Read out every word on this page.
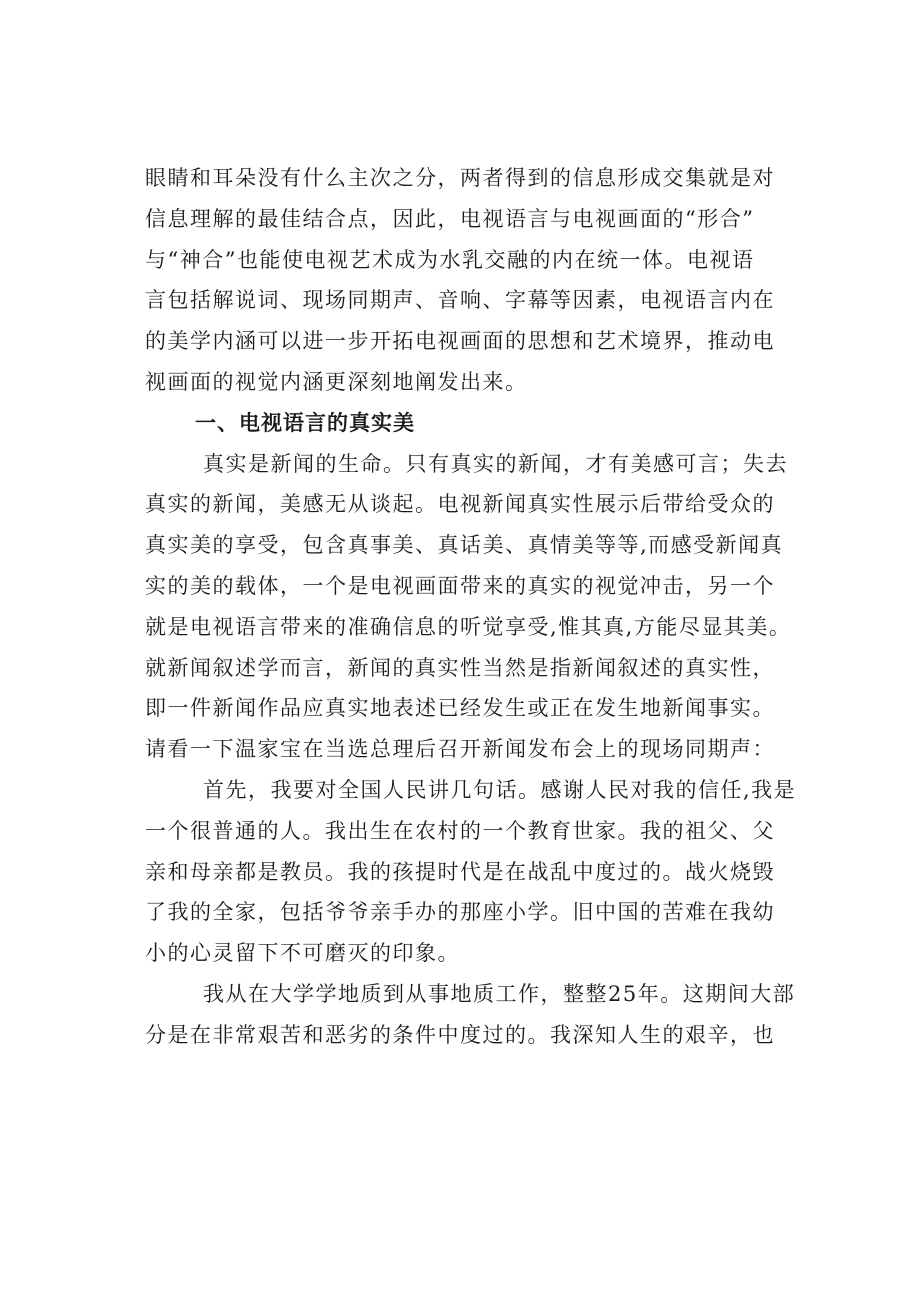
眼睛和耳朵没有什么主次之分，两者得到的信息形成交集就是对
信息理解的最佳结合点，因此，电视语言与电视画面的“形合”
与“神合”也能使电视艺术成为水乳交融的内在统一体。电视语
言包括解说词、现场同期声、音响、字幕等因素，电视语言内在
的美学内涵可以进一步开拓电视画面的思想和艺术境界，推动电
视画面的视觉内涵更深刻地阐发出来。
一、电视语言的真实美
真实是新闻的生命。只有真实的新闻，才有美感可言；失去
真实的新闻，美感无从谈起。电视新闻真实性展示后带给受众的
真实美的享受，包含真事美、真话美、真情美等等,而感受新闻真
实的美的载体，一个是电视画面带来的真实的视觉冲击，另一个
就是电视语言带来的准确信息的听觉享受,惟其真,方能尽显其美。
就新闻叙述学而言，新闻的真实性当然是指新闻叙述的真实性，
即一件新闻作品应真实地表述已经发生或正在发生地新闻事实。
请看一下温家宝在当选总理后召开新闻发布会上的现场同期声：
首先，我要对全国人民讲几句话。感谢人民对我的信任,我是
一个很普通的人。我出生在农村的一个教育世家。我的祖父、父
亲和母亲都是教员。我的孩提时代是在战乱中度过的。战火烧毁
了我的全家，包括爷爷亲手办的那座小学。旧中国的苦难在我幼
小的心灵留下不可磨灭的印象。
我从在大学学地质到从事地质工作，整整25年。这期间大部
分是在非常艰苦和恶劣的条件中度过的。我深知人生的艰辛，也
